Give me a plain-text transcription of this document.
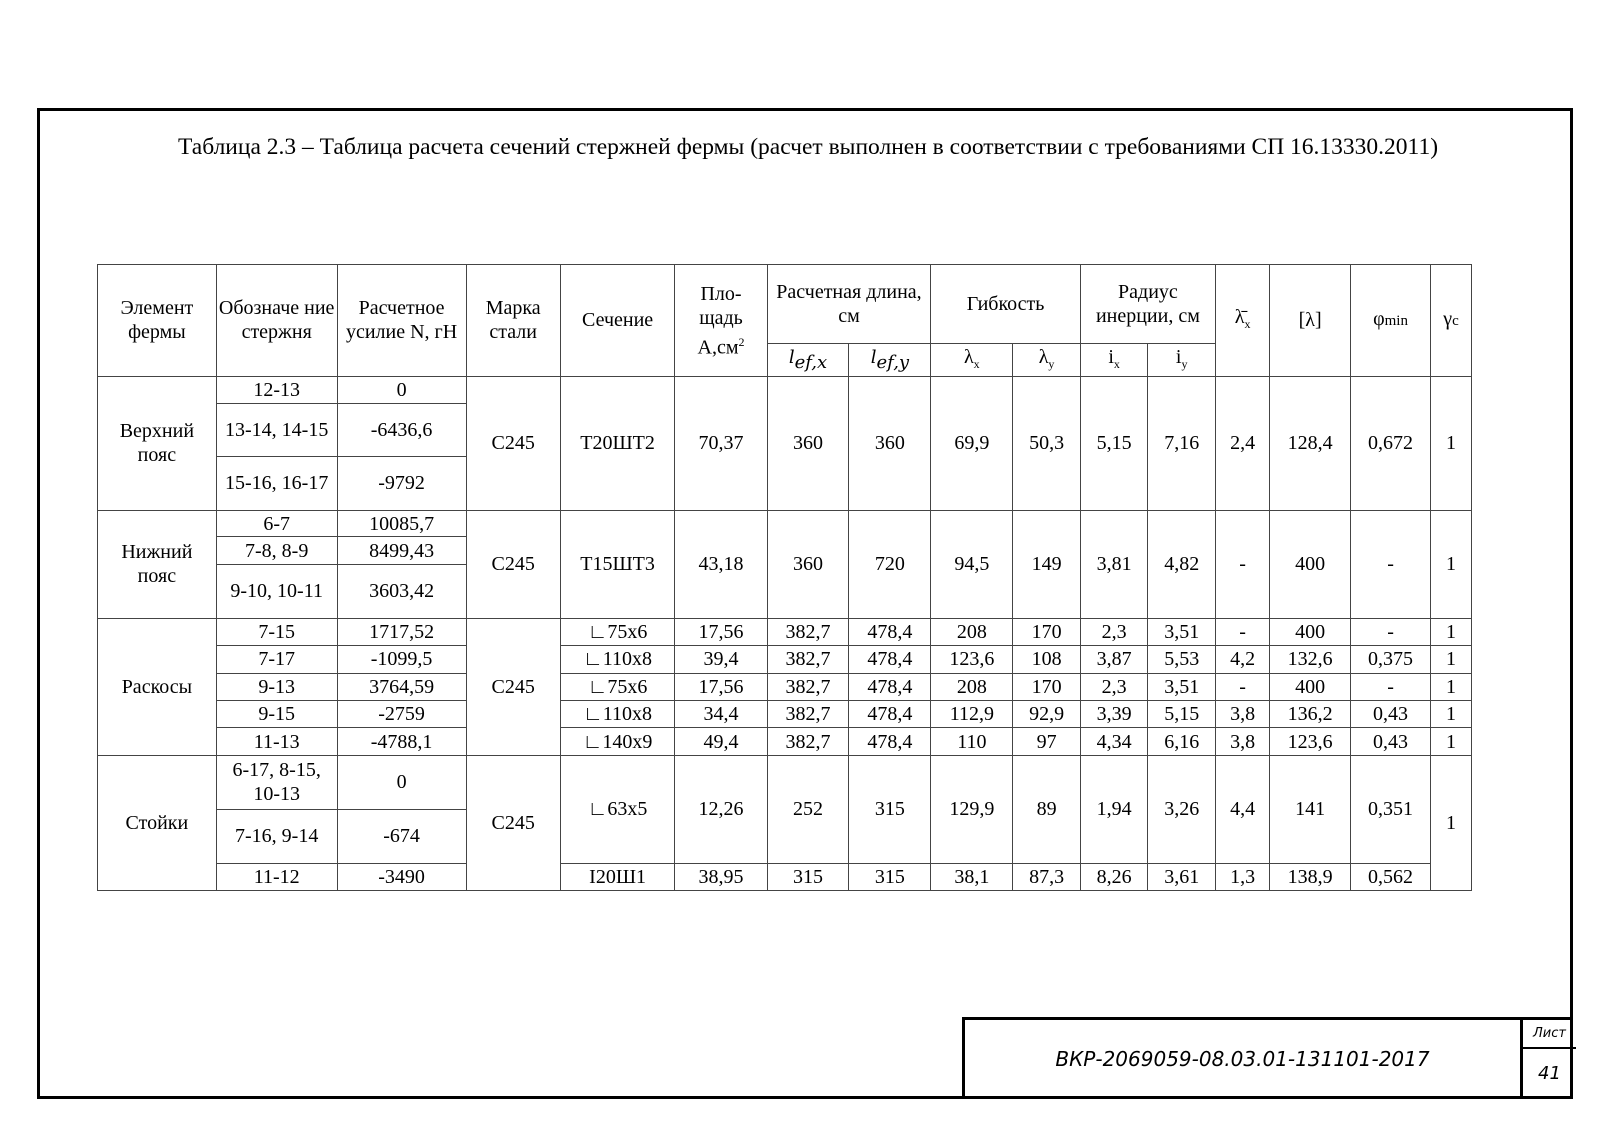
Таблица 2.3 – Таблица расчета сечений стержней фермы (расчет выполнен в соответствии с требованиями СП 16.13330.2011)
Элемент фермы	Обозначе ние стержня	Расчетное усилие N, гН	Марка стали	Сечение	Пло- щадь $А,см^2$	Расчетная длина, см		Гибкость		Радиус инерции, см		$\lambdā_x$	[λ]	φmin	γc
						$l_{ef,x}$	$l_{ef,y}$	$\lambda_x$	$\lambda_y$	$i_x$	$i_y$
Верхний пояс	12-13	0	С245	Т20ШТ2	70,37	360	360	69,9	50,3	5,15	7,16	2,4	128,4	0,672	1
	13-14, 14-15	-6436,6													
	15-16, 16-17	-9792													
Нижний пояс	6-7	10085,7	С245	Т15ШТ3	43,18	360	720	94,5	149	3,81	4,82	-	400	-	1
	7-8, 8-9	8499,43													
	9-10, 10-11	3603,42													
Раскосы	7-15	1717,52	С245	∟75x6	17,56	382,7	478,4	208	170	2,3	3,51	-	400	-	1
	7-17	-1099,5		∟110x8	39,4	382,7	478,4	123,6	108	3,87	5,53	4,2	132,6	0,375	1
	9-13	3764,59		∟75x6	17,56	382,7	478,4	208	170	2,3	3,51	-	400	-	1
	9-15	-2759		∟110x8	34,4	382,7	478,4	112,9	92,9	3,39	5,15	3,8	136,2	0,43	1
	11-13	-4788,1		∟140x9	49,4	382,7	478,4	110	97	4,34	6,16	3,8	123,6	0,43	1
Стойки	6-17, 8-15, 10-13	0	С245	∟63x5	12,26	252	315	129,9	89	1,94	3,26	4,4	141	0,351	1
	7-16, 9-14	-674													
	11-12	-3490		I20Ш1	38,95	315	315	38,1	87,3	8,26	3,61	1,3	138,9	0,562	
ВКР-2069059-08.03.01-131101-2017
Лист
41
